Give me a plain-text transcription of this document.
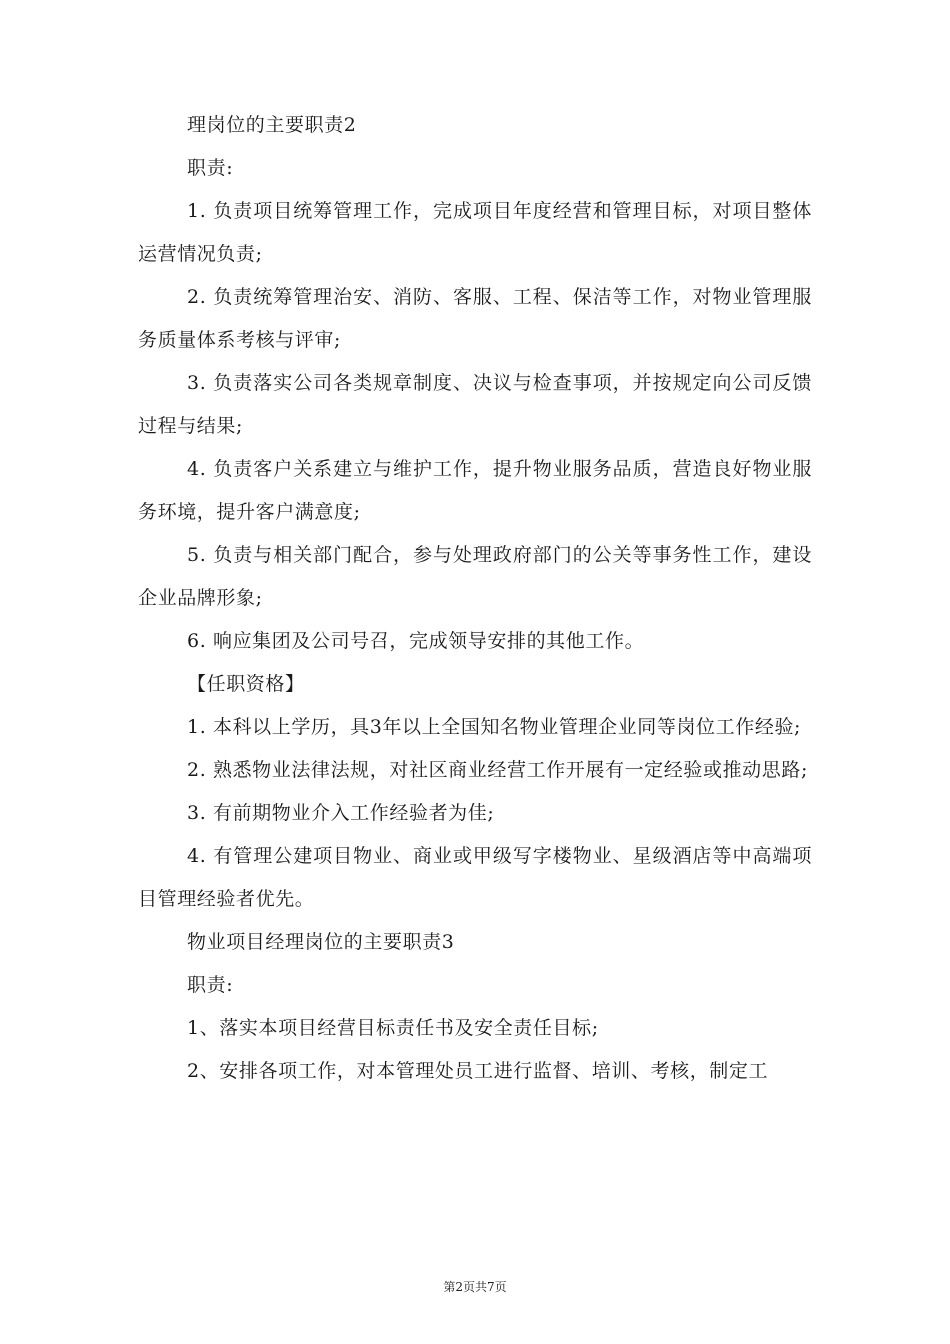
理岗位的主要职责2

职责:

1. 负责项目统筹管理工作，完成项目年度经营和管理目标，对项目整体运营情况负责;

2. 负责统筹管理治安、消防、客服、工程、保洁等工作，对物业管理服务质量体系考核与评审;

3. 负责落实公司各类规章制度、决议与检查事项，并按规定向公司反馈过程与结果;

4. 负责客户关系建立与维护工作，提升物业服务品质，营造良好物业服务环境，提升客户满意度;

5. 负责与相关部门配合，参与处理政府部门的公关等事务性工作，建设企业品牌形象;

6. 响应集团及公司号召，完成领导安排的其他工作。

【任职资格】

1. 本科以上学历，具3年以上全国知名物业管理企业同等岗位工作经验;

2. 熟悉物业法律法规，对社区商业经营工作开展有一定经验或推动思路;

3. 有前期物业介入工作经验者为佳;

4. 有管理公建项目物业、商业或甲级写字楼物业、星级酒店等中高端项目管理经验者优先。

物业项目经理岗位的主要职责3

职责:

1、落实本项目经营目标责任书及安全责任目标;

2、安排各项工作，对本管理处员工进行监督、培训、考核，制定工

第2页共7页
